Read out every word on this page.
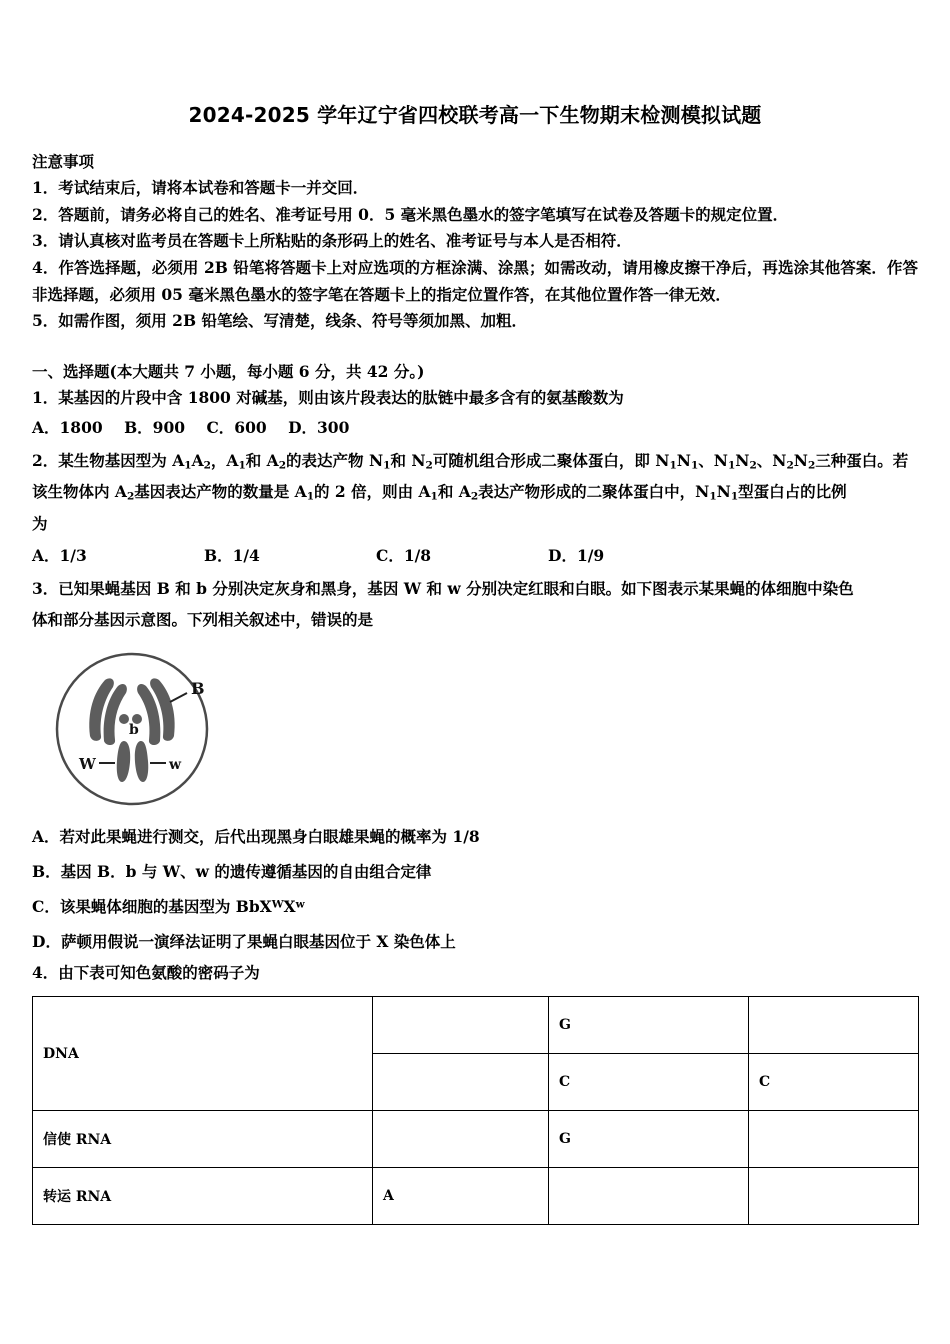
2024-2025 学年辽宁省四校联考高一下生物期末检测模拟试题
注意事项
1．考试结束后，请将本试卷和答题卡一并交回．
2．答题前，请务必将自己的姓名、准考证号用 0．5 毫米黑色墨水的签字笔填写在试卷及答题卡的规定位置．
3．请认真核对监考员在答题卡上所粘贴的条形码上的姓名、准考证号与本人是否相符．
4．作答选择题，必须用 2B 铅笔将答题卡上对应选项的方框涂满、涂黑；如需改动，请用橡皮擦干净后，再选涂其他答案．作答非选择题，必须用 05 毫米黑色墨水的签字笔在答题卡上的指定位置作答，在其他位置作答一律无效．
5．如需作图，须用 2B 铅笔绘、写清楚，线条、符号等须加黑、加粗．
一、选择题(本大题共 7 小题，每小题 6 分，共 42 分。)
1．某基因的片段中含 1800 对碱基，则由该片段表达的肽链中最多含有的氨基酸数为
A．1800 B．900 C．600 D．300
2．某生物基因型为 $A_1A_2$，$A_1$和 $A_2$的表达产物 $N_1$和 $N_2$可随机组合形成二聚体蛋白，即 $N_1N_1$、$N_1N_2$、$N_2N_2$三种蛋白。若
该生物体内 $A_2$基因表达产物的数量是 $A_1$的 2 倍，则由 $A_1$和 $A_2$表达产物形成的二聚体蛋白中，$N_1N_1$型蛋白占的比例
为
A．1/3	B．1/4	C．1/8	D．1/9
3．已知果蝇基因 B 和 b 分别决定灰身和黑身，基因 W 和 w 分别决定红眼和白眼。如下图表示某果蝇的体细胞中染色
体和部分基因示意图。下列相关叙述中，错误的是
B
b
W	w
A．若对此果蝇进行测交，后代出现黑身白眼雄果蝇的概率为 1/8
B．基因 B．b 与 W、w 的遗传遵循基因的自由组合定律
C．该果蝇体细胞的基因型为 $BbX^WX^w$
D．萨顿用假说一演绎法证明了果蝇白眼基因位于 X 染色体上
4．由下表可知色氨酸的密码子为
DNA		G	
		C	C
信使 RNA		G	
转运 RNA	A		
